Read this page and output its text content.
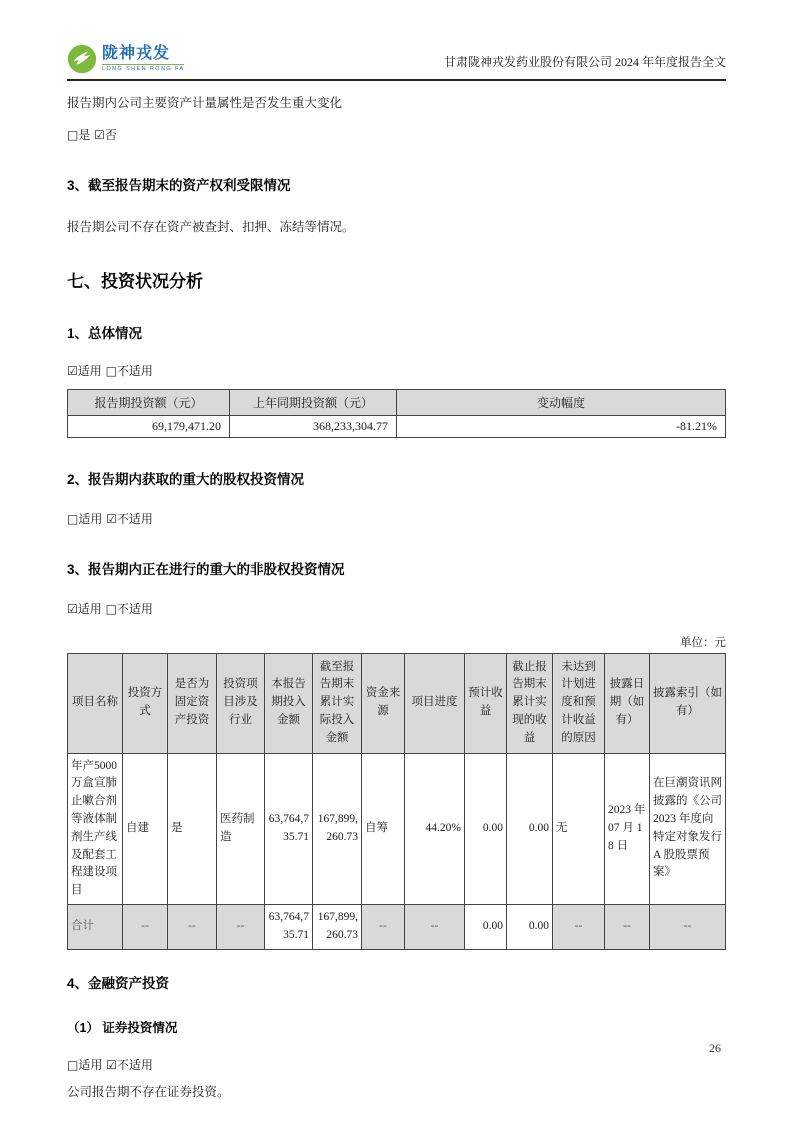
陇神戎发
LONG SHEN RONG FA	甘肃陇神戎发药业股份有限公司 2024 年年度报告全文

报告期内公司主要资产计量属性是否发生重大变化

□是 ☑否

3、截至报告期末的资产权利受限情况

报告期公司不存在资产被查封、扣押、冻结等情况。

七、投资状况分析
1、总体情况

☑适用 □不适用

报告期投资额（元）	上年同期投资额（元）	变动幅度
69,179,471.20	368,233,304.77	-81.21%
2、报告期内获取的重大的股权投资情况

□适用 ☑不适用

3、报告期内正在进行的重大的非股权投资情况

☑适用 □不适用

单位：元

项目名称	投资方式	是否为固定资产投资	投资项目涉及行业	本报告期投入金额	截至报告期末累计实际投入金额	资金来源	项目进度	预计收益	截止报告期末累计实现的收益	未达到计划进度和预计收益的原因	披露日期（如有）	披露索引（如有）
年产5000 万盒宣肺止嗽合剂等液体制剂生产线及配套工程建设项目	自建	是	医药制造	63,764,735.71	167,899,260.73	自筹	44.20%	0.00	0.00	无	2023 年07 月 18 日	在巨潮资讯网披露的《公司 2023 年度向特定对象发行 A 股股票预案》
合计	--	--	--	63,764,735.71	167,899,260.73	--	--	0.00	0.00	--	--	--
4、金融资产投资
（1） 证券投资情况

□适用 ☑不适用

公司报告期不存在证券投资。

26
